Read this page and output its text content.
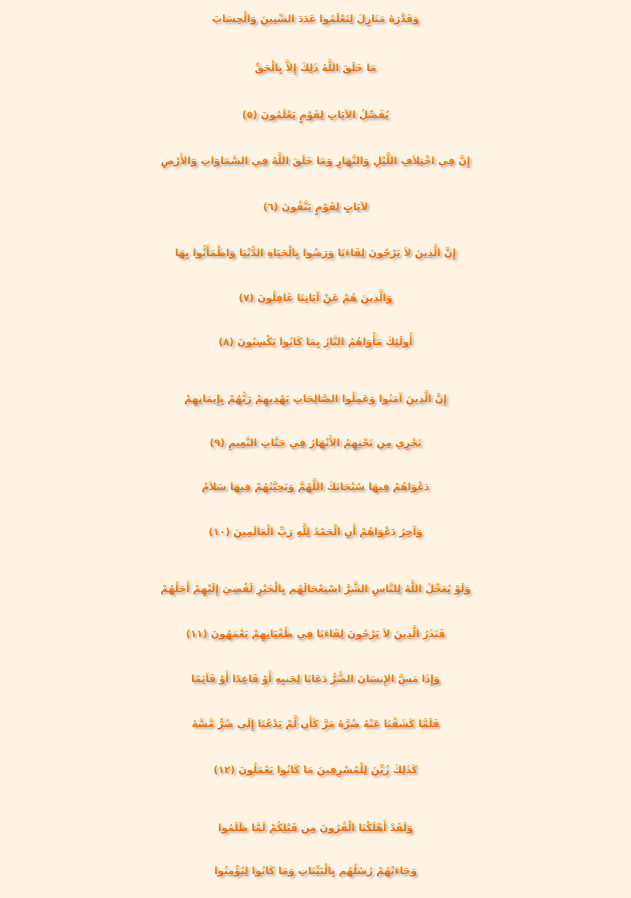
وَقَدَّرَهُ مَنَازِلَ لِتَعْلَمُوا عَدَدَ السِّنِينَ وَالْحِسَابَ
مَا خَلَقَ اللَّهُ ذَلِكَ إِلاَّ بِالْحَقِّ
يُفَصِّلُ الآيَاتِ لِقَوْمٍ يَعْلَمُونَ (٥)
إِنَّ فِي اخْتِلاَفِ اللَّيْلِ وَالنَّهَارِ وَمَا خَلَقَ اللَّهُ فِي السَّمَاوَاتِ وَالأَرْضِ
لآيَاتٍ لِقَوْمٍ يَتَّقُونَ (٦)
إِنَّ الَّذِينَ لاَ يَرْجُونَ لِقَاءَنَا وَرَضُوا بِالْحَيَاةِ الدُّنْيَا وَاطْمَأَنُّوا بِهَا
وَالَّذِينَ هُمْ عَنْ آيَاتِنَا غَافِلُونَ (٧)
أُولَئِكَ مَأْوَاهُمُ النَّارُ بِمَا كَانُوا يَكْسِبُونَ (٨)
إِنَّ الَّذِينَ آمَنُوا وَعَمِلُوا الصَّالِحَاتِ يَهْدِيهِمْ رَبُّهُمْ بِإِيمَانِهِمْ
تَجْرِي مِن تَحْتِهِمُ الأَنْهَارُ فِي جَنَّاتِ النَّعِيمِ (٩)
دَعْوَاهُمْ فِيهَا سُبْحَانَكَ اللَّهُمَّ وَتَحِيَّتُهُمْ فِيهَا سَلاَمٌ
وَآخِرُ دَعْوَاهُمْ أَنِ الْحَمْدُ لِلَّهِ رَبِّ الْعَالَمِينَ (١٠)
وَلَوْ يُعَجِّلُ اللَّهُ لِلنَّاسِ الشَّرَّ اسْتِعْجَالَهُم بِالْخَيْرِ لَقُضِيَ إِلَيْهِمْ أَجَلُهُمْ
فَنَذَرُ الَّذِينَ لاَ يَرْجُونَ لِقَاءَنَا فِي طُغْيَانِهِمْ يَعْمَهُونَ (١١)
وَإِذَا مَسَّ الإِنسَانَ الضُّرُّ دَعَانَا لِجَنبِهِ أَوْ قَاعِدًا أَوْ قَآئِمًا
فَلَمَّا كَشَفْنَا عَنْهُ ضُرَّهُ مَرَّ كَأَن لَّمْ يَدْعُنَا إِلَى ضُرٍّ مَّسَّهُ
كَذَلِكَ زُيِّنَ لِلْمُسْرِفِينَ مَا كَانُوا يَعْمَلُونَ (١٢)
وَلَقَدْ أَهْلَكْنَا الْقُرُونَ مِن قَبْلِكُمْ لَمَّا ظَلَمُوا
وَجَاءَتْهُمْ رُسُلُهُم بِالْبَيِّنَاتِ وَمَا كَانُوا لِيُؤْمِنُوا
